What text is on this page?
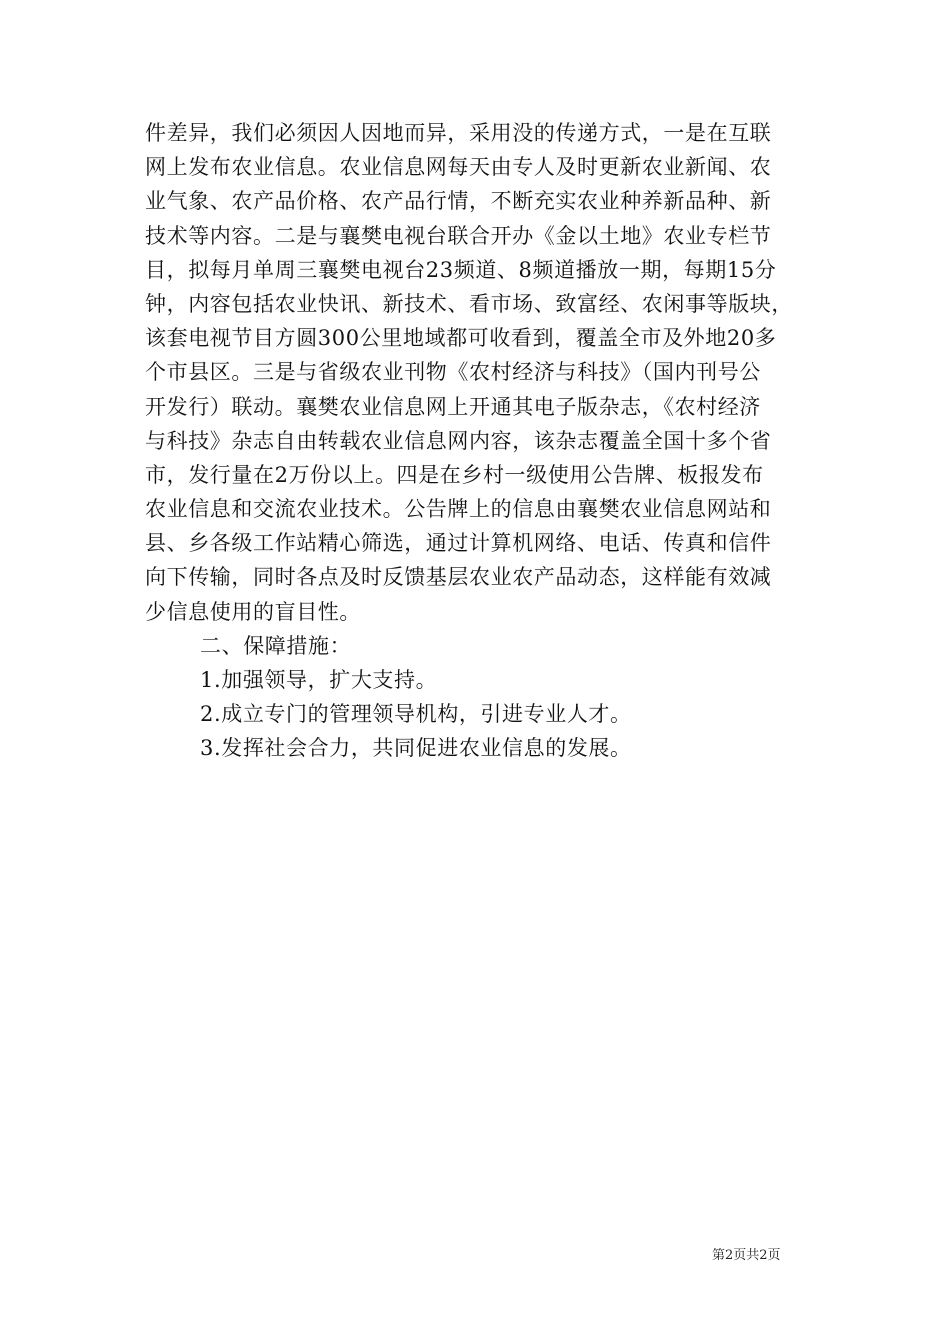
件差异，我们必须因人因地而异，采用没的传递方式，一是在互联
网上发布农业信息。农业信息网每天由专人及时更新农业新闻、农
业气象、农产品价格、农产品行情，不断充实农业种养新品种、新
技术等内容。二是与襄樊电视台联合开办《金以土地》农业专栏节
目，拟每月单周三襄樊电视台23频道、8频道播放一期，每期15分
钟，内容包括农业快讯、新技术、看市场、致富经、农闲事等版块，
该套电视节目方圆300公里地域都可收看到，覆盖全市及外地20多
个市县区。三是与省级农业刊物《农村经济与科技》（国内刊号公
开发行）联动。襄樊农业信息网上开通其电子版杂志，《农村经济
与科技》杂志自由转载农业信息网内容，该杂志覆盖全国十多个省
市，发行量在2万份以上。四是在乡村一级使用公告牌、板报发布
农业信息和交流农业技术。公告牌上的信息由襄樊农业信息网站和
县、乡各级工作站精心筛选，通过计算机网络、电话、传真和信件
向下传输，同时各点及时反馈基层农业农产品动态，这样能有效减
少信息使用的盲目性。
二、保障措施：
1.加强领导，扩大支持。
2.成立专门的管理领导机构，引进专业人才。
3.发挥社会合力，共同促进农业信息的发展。
第2页共2页
